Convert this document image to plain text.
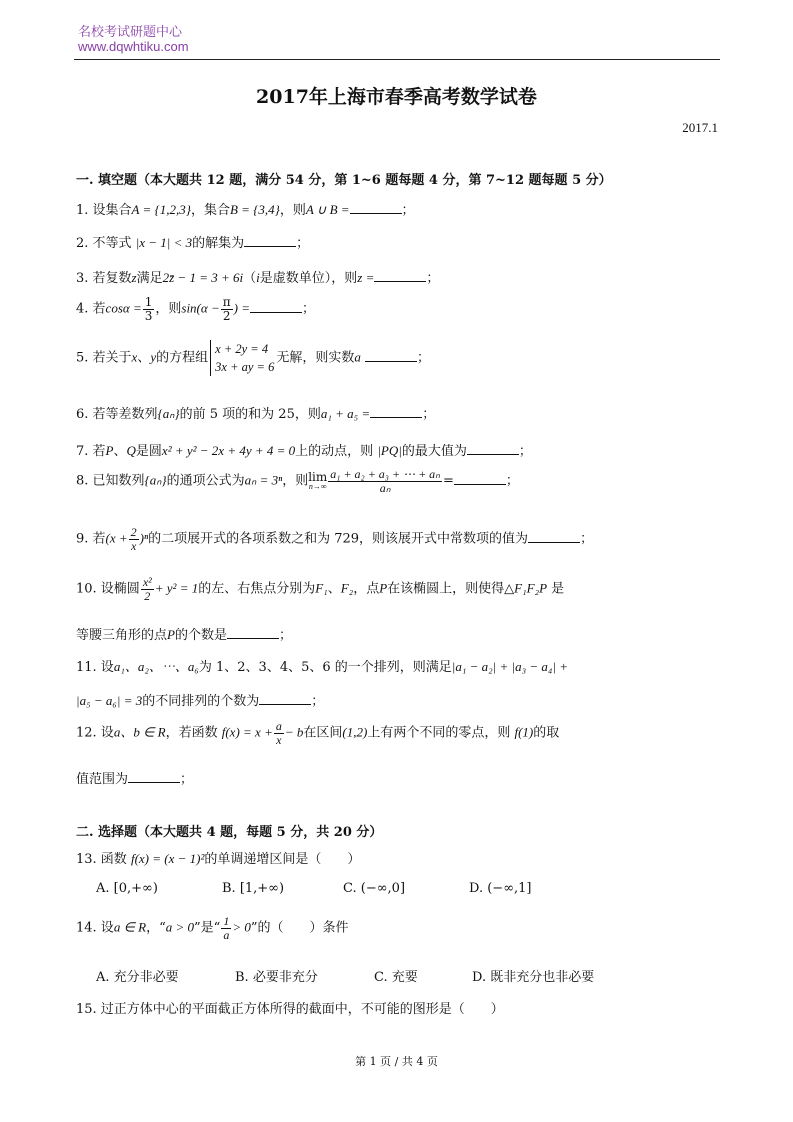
名校考试研题中心
www.dqwhtiku.com
2017年上海市春季高考数学试卷
2017.1
一. 填空题（本大题共 12 题，满分 54 分，第 1~6 题每题 4 分，第 7~12 题每题 5 分）
1. 设集合A = {1,2,3}，集合B = {3,4}，则A ∪ B =	；
2. 不等式 |x − 1| < 3的解集为	；
3. 若复数z满足2z̄ − 1 = 3 + 6i（i是虚数单位），则z =	；
4. 若$\cos\alpha = \frac{1}{3}$ ，则$\sin(\alpha - \frac{\pi}{2}$ ) =	；
5. 若关于x、y的方程组
x + 2y = 4
3x + ay = 6
无解，则实数a	；
6. 若等差数列{aₙ}的前 5 项的和为 25，则a₁ + a₅ =	；
7. 若P、Q是圆x² + y² − 2x + 4y + 4 = 0上的动点，则 |PQ|的最大值为	；
8. 已知数列{aₙ}的通项公式为aₙ = 3ⁿ，则lim
$n\to\infty \frac{\text{a₁ + a₂ + a₃ + ⋯ + aₙ}}{\text{aₙ}}$ =	；
9. 若$(x + \frac{2}{x} )^n$的二项展开式的各项系数之和为 729，则该展开式中常数项的值为	；
10. 设椭圆 $\frac{\text{x²}}{2} + y^2 = 1$的左、右焦点分别为F₁、F₂，点P在该椭圆上，则使得△F₁F₂P 是
等腰三角形的点P的个数是	；
11. 设a₁、a₂、⋯、a₆为 1、2、3、4、5、6 的一个排列，则满足|a₁ − a₂| + |a₃ − a₄| +
|a₅ − a₆| = 3的不同排列的个数为	；
12. 设a、b ∈ R，若函数 $f(x) = x + \frac{a}{x} - b$在区间(1,2)上有两个不同的零点，则 f(1)的取
值范围为	；
二. 选择题（本大题共 4 题，每题 5 分，共 20 分）
13. 函数 f(x) = (x − 1)²的单调递增区间是（　　）
A. [0,+∞)	B. [1,+∞)	C. (−∞,0]	D. (−∞,1]
14. 设a ∈ R，“a > 0”是“ $\frac{1}{a} > 0$”的（　　）条件
A. 充分非必要	B. 必要非充分	C. 充要	D. 既非充分也非必要
15. 过正方体中心的平面截正方体所得的截面中，不可能的图形是（　　）
第 1 页 / 共 4 页
